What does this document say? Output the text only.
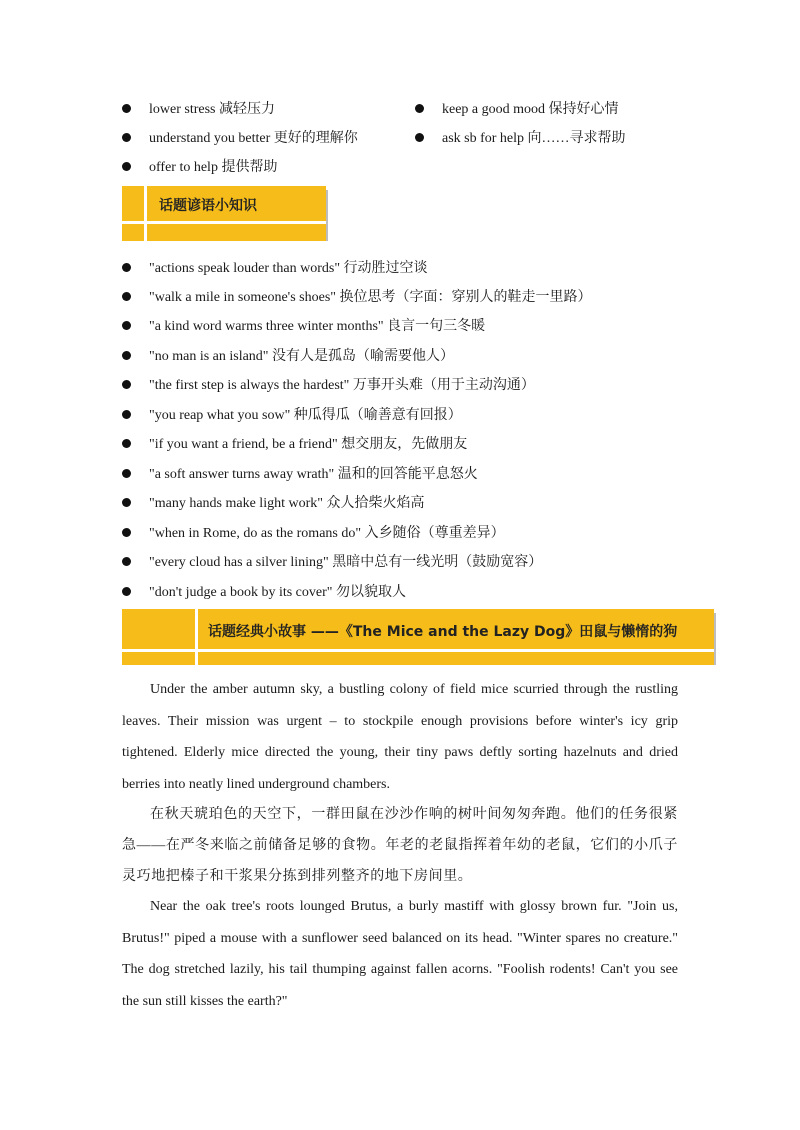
lower stress 减轻压力	keep a good mood 保持好心情
understand you better 更好的理解你	ask sb for help 向……寻求帮助
offer to help 提供帮助
话题谚语小知识
"actions speak louder than words" 行动胜过空谈
"walk a mile in someone's shoes" 换位思考（字面：穿别人的鞋走一里路）
"a kind word warms three winter months" 良言一句三冬暖
"no man is an island" 没有人是孤岛（喻需要他人）
"the first step is always the hardest" 万事开头难（用于主动沟通）
"you reap what you sow" 种瓜得瓜（喻善意有回报）
"if you want a friend, be a friend" 想交朋友，先做朋友
"a soft answer turns away wrath" 温和的回答能平息怒火
"many hands make light work" 众人拾柴火焰高
"when in Rome, do as the romans do" 入乡随俗（尊重差异）
"every cloud has a silver lining" 黑暗中总有一线光明（鼓励宽容）
"don't judge a book by its cover" 勿以貌取人
话题经典小故事 ——《The Mice and the Lazy Dog》田鼠与懒惰的狗

Under the amber autumn sky, a bustling colony of field mice scurried through the rustling leaves. Their mission was urgent – to stockpile enough provisions before winter's icy grip tightened. Elderly mice directed the young, their tiny paws deftly sorting hazelnuts and dried berries into neatly lined underground chambers.

在秋天琥珀色的天空下，一群田鼠在沙沙作响的树叶间匆匆奔跑。他们的任务很紧急——在严冬来临之前储备足够的食物。年老的老鼠指挥着年幼的老鼠，它们的小爪子灵巧地把榛子和干浆果分拣到排列整齐的地下房间里。

Near the oak tree's roots lounged Brutus, a burly mastiff with glossy brown fur. "Join us, Brutus!" piped a mouse with a sunflower seed balanced on its head. "Winter spares no creature." The dog stretched lazily, his tail thumping against fallen acorns. "Foolish rodents! Can't you see the sun still kisses the earth?"
